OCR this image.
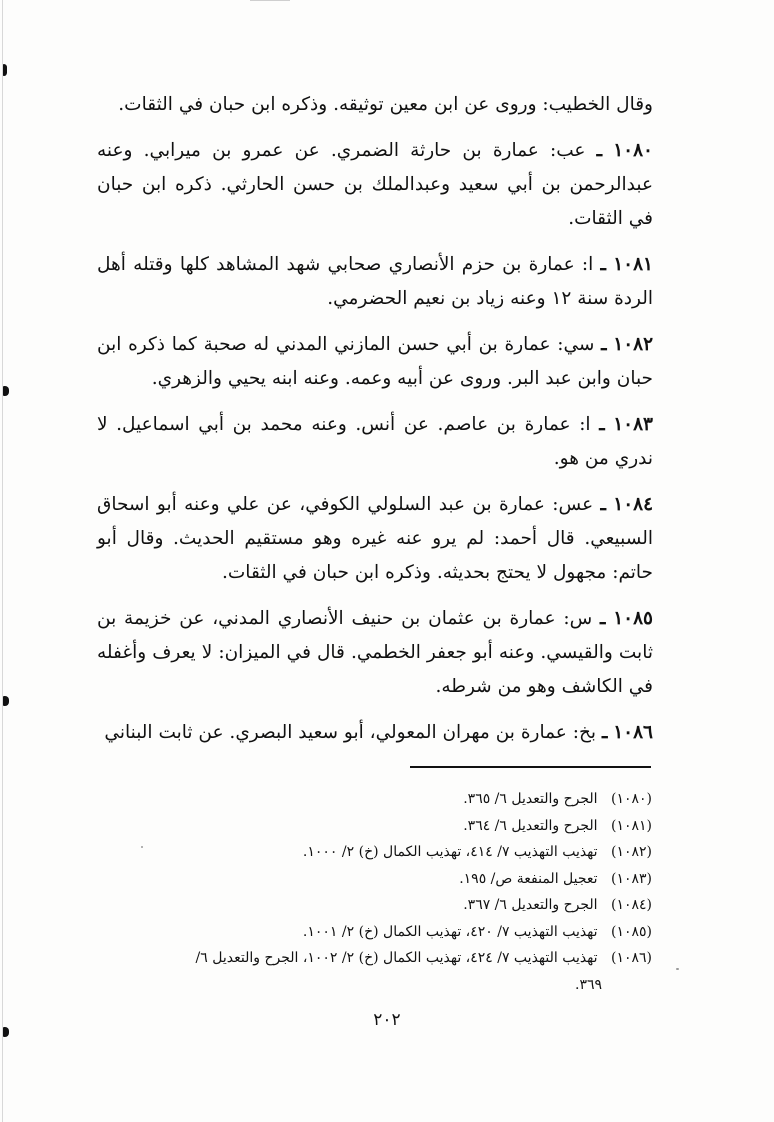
وقال الخطيب: وروى عن ابن معين توثيقه. وذكره ابن حبان في الثقات.

١٠٨٠ ـ عب: عمارة بن حارثة الضمري. عن عمرو بن ميرابي. وعنه عبدالرحمن بن أبي سعيد وعبدالملك بن حسن الحارثي. ذكره ابن حبان في الثقات.

١٠٨١ ـ ا: عمارة بن حزم الأنصاري صحابي شهد المشاهد كلها وقتله أهل الردة سنة ١٢ وعنه زياد بن نعيم الحضرمي.

١٠٨٢ ـ سي: عمارة بن أبي حسن المازني المدني له صحبة كما ذكره ابن حبان وابن عبد البر. وروى عن أبيه وعمه. وعنه ابنه يحيي والزهري.

١٠٨٣ ـ ا: عمارة بن عاصم. عن أنس. وعنه محمد بن أبي اسماعيل. لا ندري من هو.

١٠٨٤ ـ عس: عمارة بن عبد السلولي الكوفي، عن علي وعنه أبو اسحاق السبيعي. قال أحمد: لم يرو عنه غيره وهو مستقيم الحديث. وقال أبو حاتم: مجهول لا يحتج بحديثه. وذكره ابن حبان في الثقات.

١٠٨٥ ـ س: عمارة بن عثمان بن حنيف الأنصاري المدني، عن خزيمة بن ثابت والقيسي. وعنه أبو جعفر الخطمي. قال في الميزان: لا يعرف وأغفله في الكاشف وهو من شرطه.

١٠٨٦ ـ بخ: عمارة بن مهران المعولي، أبو سعيد البصري. عن ثابت البناني

(١٠٨٠) الجرح والتعديل ٦/ ٣٦٥.
(١٠٨١) الجرح والتعديل ٦/ ٣٦٤.
(١٠٨٢) تهذيب التهذيب ٧/ ٤١٤، تهذيب الكمال (خ) ٢/ ١٠٠٠.
(١٠٨٣) تعجيل المنفعة ص/ ١٩٥.
(١٠٨٤) الجرح والتعديل ٦/ ٣٦٧.
(١٠٨٥) تهذيب التهذيب ٧/ ٤٢٠، تهذيب الكمال (خ) ٢/ ١٠٠١.
(١٠٨٦) تهذيب التهذيب ٧/ ٤٢٤، تهذيب الكمال (خ) ٢/ ١٠٠٢، الجرح والتعديل ٦/
٣٦٩.
٢٠٢
